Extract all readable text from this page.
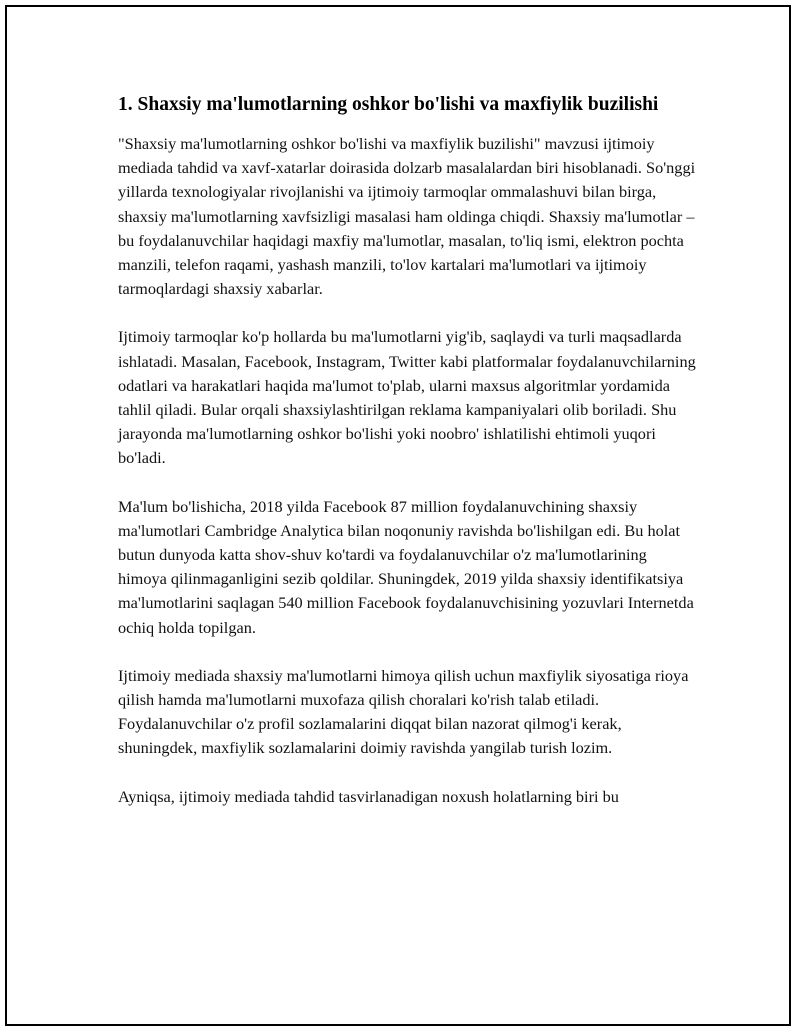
1. Shaxsiy ma'lumotlarning oshkor bo'lishi va maxfiylik buzilishi

"Shaxsiy ma'lumotlarning oshkor bo'lishi va maxfiylik buzilishi" mavzusi ijtimoiy mediada tahdid va xavf-xatarlar doirasida dolzarb masalalardan biri hisoblanadi. So'nggi yillarda texnologiyalar rivojlanishi va ijtimoiy tarmoqlar ommalashuvi bilan birga, shaxsiy ma'lumotlarning xavfsizligi masalasi ham oldinga chiqdi. Shaxsiy ma'lumotlar – bu foydalanuvchilar haqidagi maxfiy ma'lumotlar, masalan, to'liq ismi, elektron pochta manzili, telefon raqami, yashash manzili, to'lov kartalari ma'lumotlari va ijtimoiy tarmoqlardagi shaxsiy xabarlar.

Ijtimoiy tarmoqlar ko'p hollarda bu ma'lumotlarni yig'ib, saqlaydi va turli maqsadlarda ishlatadi. Masalan, Facebook, Instagram, Twitter kabi platformalar foydalanuvchilarning odatlari va harakatlari haqida ma'lumot to'plab, ularni maxsus algoritmlar yordamida tahlil qiladi. Bular orqali shaxsiylashtirilgan reklama kampaniyalari olib boriladi. Shu jarayonda ma'lumotlarning oshkor bo'lishi yoki noobro' ishlatilishi ehtimoli yuqori bo'ladi.

Ma'lum bo'lishicha, 2018 yilda Facebook 87 million foydalanuvchining shaxsiy ma'lumotlari Cambridge Analytica bilan noqonuniy ravishda bo'lishilgan edi. Bu holat butun dunyoda katta shov-shuv ko'tardi va foydalanuvchilar o'z ma'lumotlarining himoya qilinmaganligini sezib qoldilar. Shuningdek, 2019 yilda shaxsiy identifikatsiya ma'lumotlarini saqlagan 540 million Facebook foydalanuvchisining yozuvlari Internetda ochiq holda topilgan.

Ijtimoiy mediada shaxsiy ma'lumotlarni himoya qilish uchun maxfiylik siyosatiga rioya qilish hamda ma'lumotlarni muxofaza qilish choralari ko'rish talab etiladi. Foydalanuvchilar o'z profil sozlamalarini diqqat bilan nazorat qilmog'i kerak, shuningdek, maxfiylik sozlamalarini doimiy ravishda yangilab turish lozim.

Ayniqsa, ijtimoiy mediada tahdid tasvirlanadigan noxush holatlarning biri bu
